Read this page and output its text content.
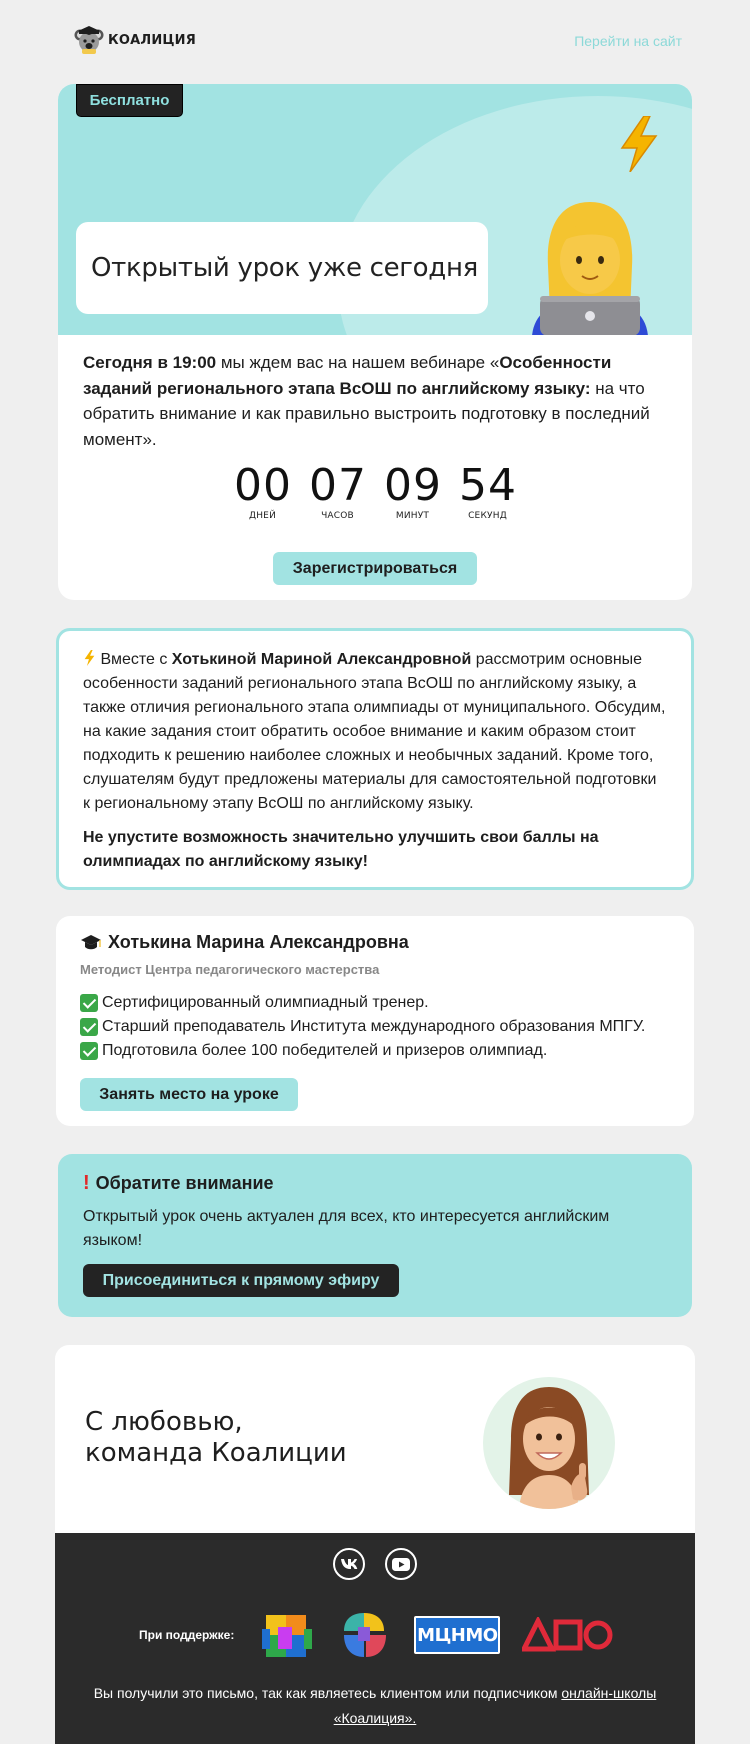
КОАЛИЦИЯ	Перейти на сайт
Бесплатно
Открытый урок уже сегодня

Сегодня в 19:00 мы ждем вас на нашем вебинаре «Особенности заданий регионального этапа ВсОШ по английскому языку: на что обратить внимание и как правильно выстроить подготовку в последний момент».

00
ДНЕЙ
07
ЧАСОВ
09
МИНУТ
54
СЕКУНД
Зарегистрироваться

Вместе с Хотькиной Мариной Александровной рассмотрим основные особенности заданий регионального этапа ВсОШ по английскому языку, а также отличия регионального этапа олимпиады от муниципального. Обсудим, на какие задания стоит обратить особое внимание и каким образом стоит подходить к решению наиболее сложных и необычных заданий. Кроме того, слушателям будут предложены материалы для самостоятельной подготовки к региональному этапу ВсОШ по английскому языку.

Не упустите возможность значительно улучшить свои баллы на олимпиадах по английскому языку!

Хотькина Марина Александровна
Методист Центра педагогического мастерства
Сертифицированный олимпиадный тренер.
Старший преподаватель Института международного образования МПГУ.
Подготовила более 100 победителей и призеров олимпиад.
Занять место на уроке
! Обратите внимание

Открытый урок очень актуален для всех, кто интересуется английским языком!

Присоединиться к прямому эфиру
С любовью,
команда Коалиции
При поддержке:	МЦНМО

Вы получили это письмо, так как являетесь клиентом или подписчиком онлайн-школы «Коалиция».
